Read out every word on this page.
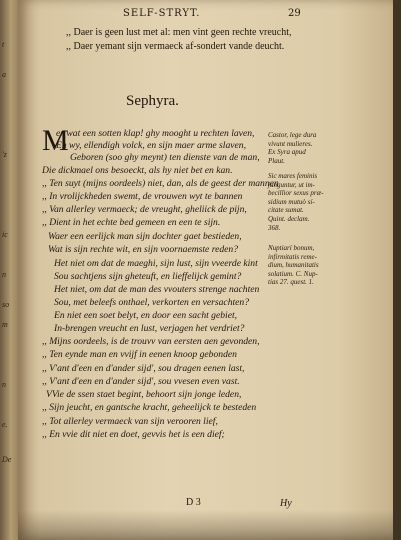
t
a
'z
ic
n
so
m
n
e.
De
SELF-STRYT.	29
,, Daer is geen lust met al: men vint geen rechte vreucht,
,, Daer yemant sijn vermaeck af-sondert vande deucht.
Sephyra.
M
er wat een sotten klap! ghy mooght u rechten laven,
En wy, ellendigh volck, en sijn maer arme slaven,
Geboren (soo ghy meynt) ten dienste van de man,
Die dickmael ons besoeckt, als hy niet bet en kan.
,, Ten suyt (mijns oordeels) niet, dan, als de geest der mannen
,, In vrolijckheden swemt, de vrouwen wyt te bannen
,, Van allerley vermaeck; de vreught, gheliick de pijn,
,, Dient in het echte bed gemeen en een te sijn.
Waer een eerlijck man sijn dochter gaet bestieden,
Wat is sijn rechte wit, en sijn voornaemste reden?
Het niet om dat de maeghi, sijn lust, sijn vveerde kint
Sou sachtjens sijn gheteuft, en lieffelijck gemint?
Het niet, om dat de man des vvouters strenge nachten
Sou, met beleefs onthael, verkorten en versachten?
En niet een soet belyt, en door een sacht gebiet,
In-brengen vreucht en lust, verjagen het verdriet?
,, Mijns oordeels, is de trouvv van eersten aen gevonden,
,, Ten eynde man en vvijf in eenen knoop gebonden
,, V'ant d'een en d'ander sijd', sou dragen eenen last,
,, V'ant d'een en d'ander sijd', sou vvesen even vast.
VVie de ssen staet begint, behoort sijn jonge leden,
,, Sijn jeucht, en gantsche kracht, geheelijck te besteden
,, Tot allerley vermaeck van sijn verooren lief,
,, En vvie dit niet en doet, gevvis het is een dief;
Castor, lege dura
vivunt mulieres.
Ex Syra apud
Plaut.
Sic mares feminis
junguntur, ut im-
becillior sexus præ-
sidium mutuò sí-
citate sumat.
Quint. declam.
368.
Nuptiarí bonum,
infirmitatis reme-
dium, humanitatis
solatium. C. Nup-
tias 27. quest. 1.
D 3	Hy
